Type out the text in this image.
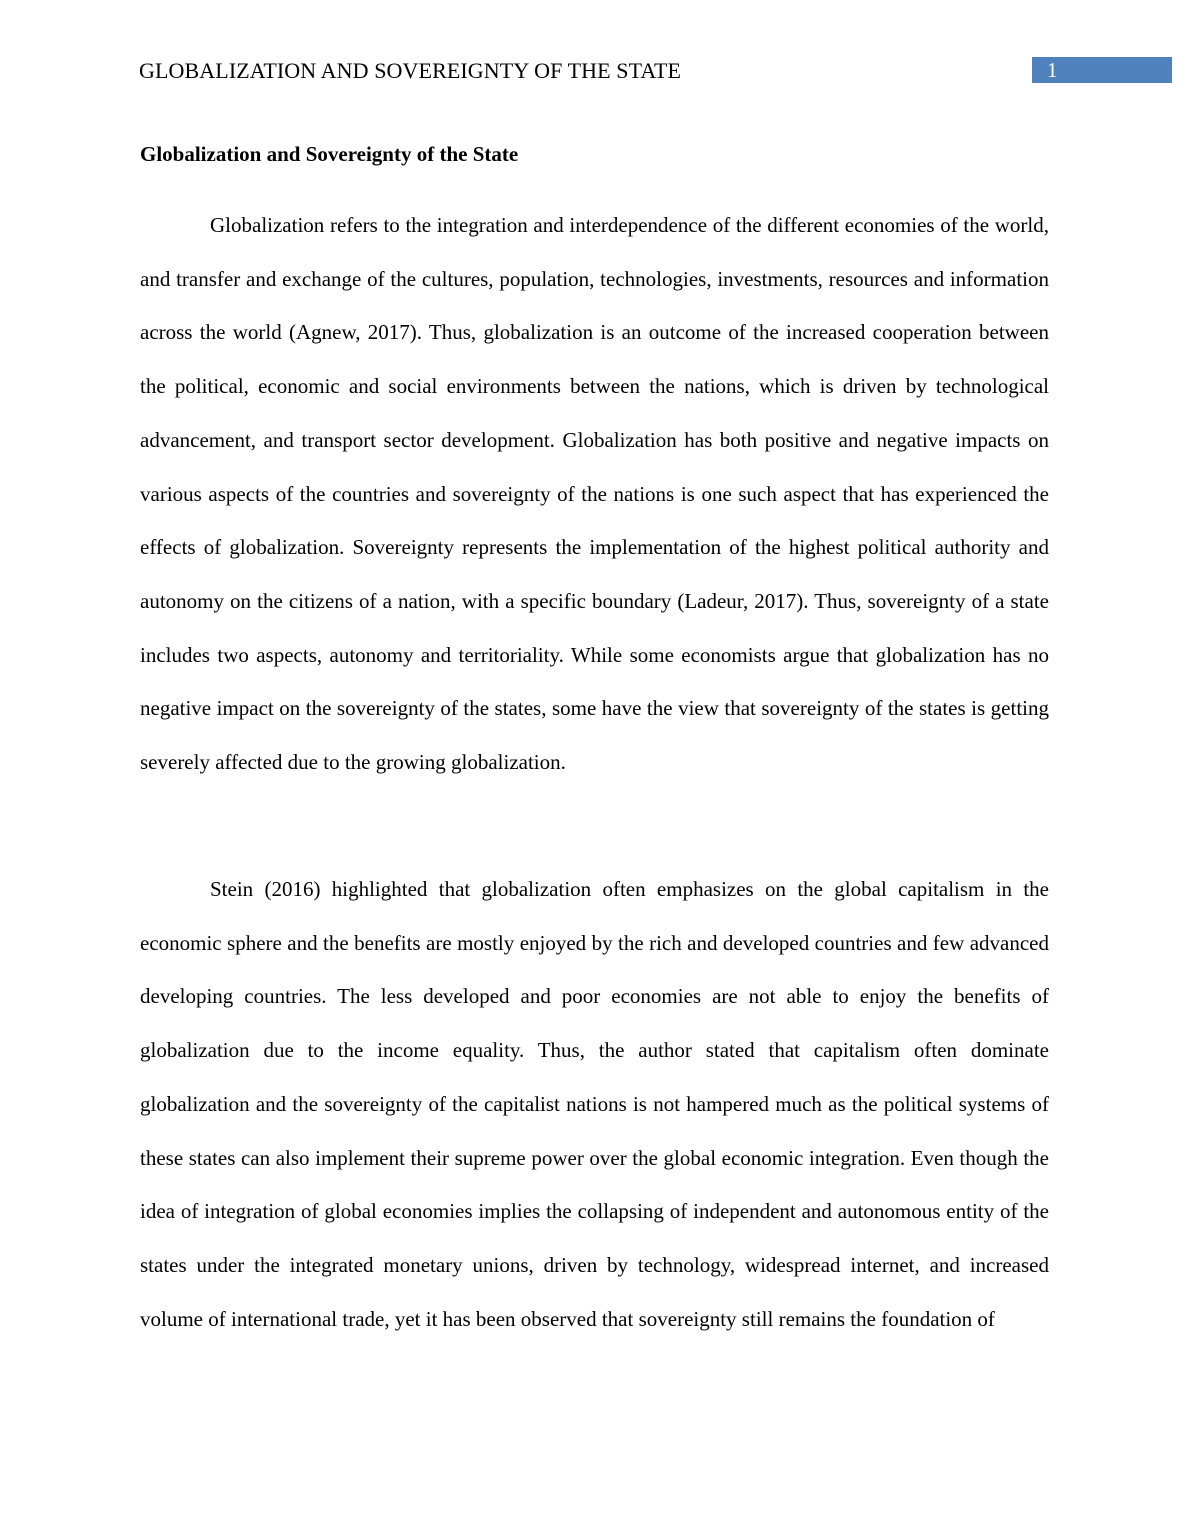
GLOBALIZATION AND SOVEREIGNTY OF THE STATE	1
Globalization and Sovereignty of the State

Globalization refers to the integration and interdependence of the different economies of the world, and transfer and exchange of the cultures, population, technologies, investments, resources and information across the world (Agnew, 2017). Thus, globalization is an outcome of the increased cooperation between the political, economic and social environments between the nations, which is driven by technological advancement, and transport sector development. Globalization has both positive and negative impacts on various aspects of the countries and sovereignty of the nations is one such aspect that has experienced the effects of globalization. Sovereignty represents the implementation of the highest political authority and autonomy on the citizens of a nation, with a specific boundary (Ladeur, 2017). Thus, sovereignty of a state includes two aspects, autonomy and territoriality. While some economists argue that globalization has no negative impact on the sovereignty of the states, some have the view that sovereignty of the states is getting severely affected due to the growing globalization.

Stein (2016) highlighted that globalization often emphasizes on the global capitalism in the economic sphere and the benefits are mostly enjoyed by the rich and developed countries and few advanced developing countries. The less developed and poor economies are not able to enjoy the benefits of globalization due to the income equality. Thus, the author stated that capitalism often dominate globalization and the sovereignty of the capitalist nations is not hampered much as the political systems of these states can also implement their supreme power over the global economic integration. Even though the idea of integration of global economies implies the collapsing of independent and autonomous entity of the states under the integrated monetary unions, driven by technology, widespread internet, and increased volume of international trade, yet it has been observed that sovereignty still remains the foundation of
